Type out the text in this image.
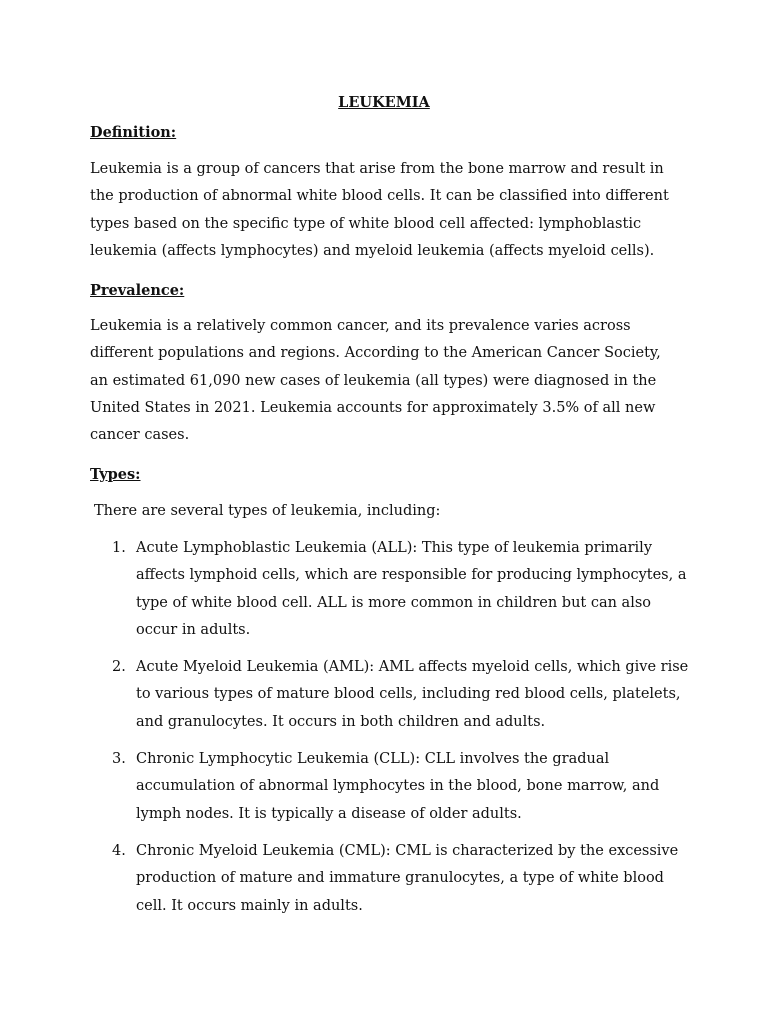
LEUKEMIA
Definition:

Leukemia is a group of cancers that arise from the bone marrow and result in the production of abnormal white blood cells. It can be classified into different types based on the specific type of white blood cell affected: lymphoblastic leukemia (affects lymphocytes) and myeloid leukemia (affects myeloid cells).

Prevalence:

Leukemia is a relatively common cancer, and its prevalence varies across different populations and regions. According to the American Cancer Society, an estimated 61,090 new cases of leukemia (all types) were diagnosed in the United States in 2021. Leukemia accounts for approximately 3.5% of all new cancer cases.

Types:

There are several types of leukemia, including:

1. Acute Lymphoblastic Leukemia (ALL): This type of leukemia primarily affects lymphoid cells, which are responsible for producing lymphocytes, a type of white blood cell. ALL is more common in children but can also occur in adults.
2. Acute Myeloid Leukemia (AML): AML affects myeloid cells, which give rise to various types of mature blood cells, including red blood cells, platelets, and granulocytes. It occurs in both children and adults.
3. Chronic Lymphocytic Leukemia (CLL): CLL involves the gradual accumulation of abnormal lymphocytes in the blood, bone marrow, and lymph nodes. It is typically a disease of older adults.
4. Chronic Myeloid Leukemia (CML): CML is characterized by the excessive production of mature and immature granulocytes, a type of white blood cell. It occurs mainly in adults.
